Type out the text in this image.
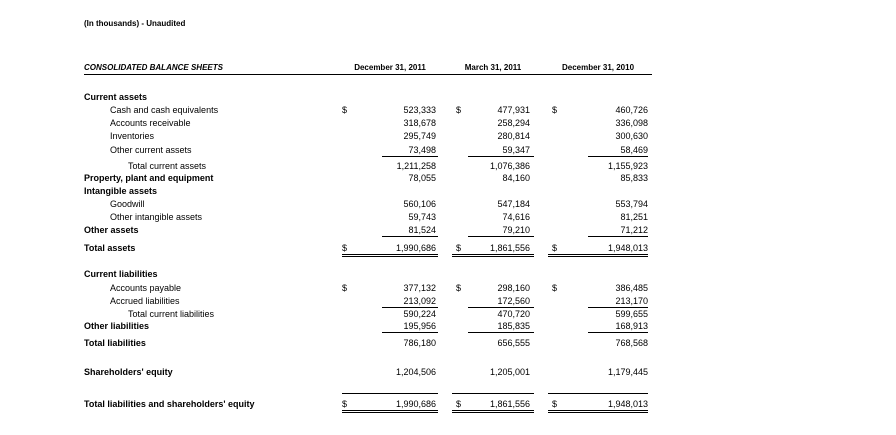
(In thousands) - Unaudited
CONSOLIDATED BALANCE SHEETS	December 31, 2011	March 31, 2011	December 31, 2010
Current assets
Cash and cash equivalents	$	523,333 $	477,931 $	460,726
Accounts receivable	318,678	258,294	336,098
Inventories	295,749	280,814	300,630
Other current assets	73,498	59,347	58,469
Total current assets	1,211,258	1,076,386	1,155,923
Property, plant and equipment	78,055	84,160	85,833
Intangible assets
Goodwill	560,106	547,184	553,794
Other intangible assets	59,743	74,616	81,251
Other assets	81,524	79,210	71,212
Total assets	$	1,990,686 $	1,861,556 $	1,948,013
Current liabilities
Accounts payable	$	377,132 $	298,160 $	386,485
Accrued liabilities	213,092	172,560	213,170
Total current liabilities	590,224	470,720	599,655
Other liabilities	195,956	185,835	168,913
Total liabilities	786,180	656,555	768,568
Shareholders' equity	1,204,506	1,205,001	1,179,445
Total liabilities and shareholders' equity	$	1,990,686 $	1,861,556 $	1,948,013
